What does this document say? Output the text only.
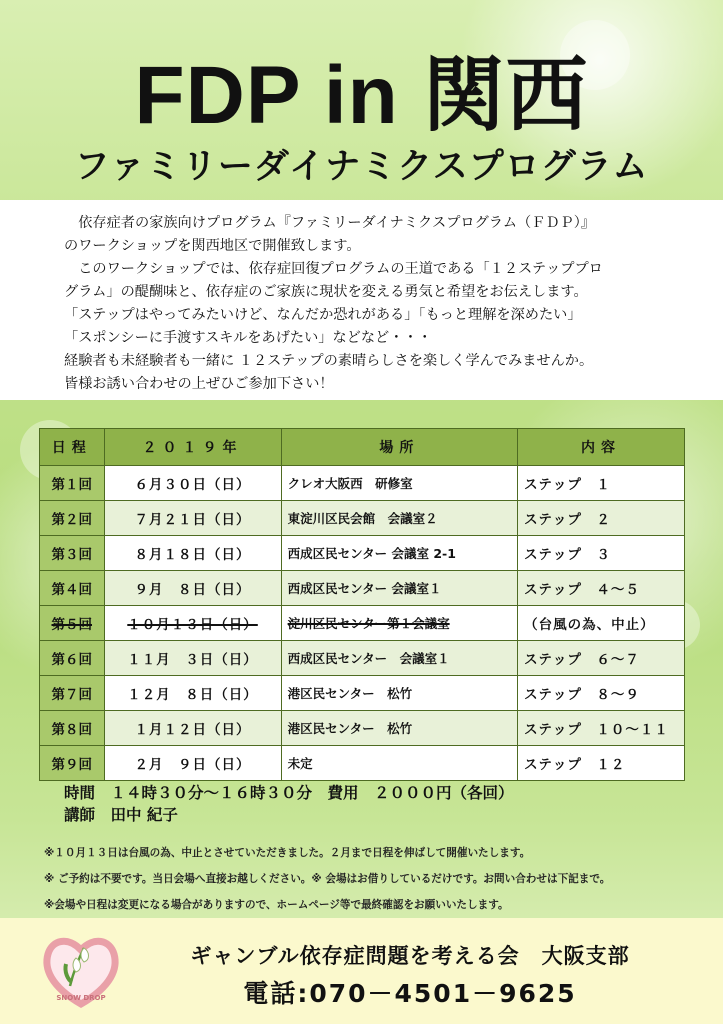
FDP in 関西
ファミリーダイナミクスプログラム

　依存症者の家族向けプログラム『ファミリーダイナミクスプログラム（ＦＤＰ）』

のワークショップを関西地区で開催致します。

　このワークショップでは、依存症回復プログラムの王道である「１２ステッププロ

グラム」の醍醐味と、依存症のご家族に現状を変える勇気と希望をお伝えします。

「ステップはやってみたいけど、なんだか恐れがある」「もっと理解を深めたい」

「スポンシーに手渡すスキルをあげたい」などなど・・・

経験者も未経験者も一緒に １２ステップの素晴らしさを楽しく学んでみませんか。

皆様お誘い合わせの上ぜひご参加下さい！

日程	２０１９年	場所	内容
第１回	６月３０日（日）	クレオ大阪西　研修室	ステップ　１
第２回	７月２１日（日）	東淀川区民会館　会議室２	ステップ　２
第３回	８月１８日（日）	西成区民センター 会議室 2-1	ステップ　３
第４回	９月　８日（日）	西成区民センター 会議室１	ステップ　４～５
第５回	１０月１３日（日）	淀川区民センター第１会議室	（台風の為、中止）
第６回	１１月　３日（日）	西成区民センター　会議室１	ステップ　６～７
第７回	１２月　８日（日）	港区民センター　松竹	ステップ　８～９
第８回	１月１２日（日）	港区民センター　松竹	ステップ　１０～１１
第９回	２月　９日（日）	未定	ステップ　１２
時間　１４時３０分～１６時３０分　費用　２０００円（各回）
講師　田中 紀子
※１０月１３日は台風の為、中止とさせていただきました。２月まで日程を伸ばして開催いたします。
※ ご予約は不要です。当日会場へ直接お越しください。※ 会場はお借りしているだけです。お問い合わせは下記まで。
※会場や日程は変更になる場合がありますので、ホームページ等で最終確認をお願いいたします。
SNOW DROP
ギャンブル依存症問題を考える会　大阪支部
電話:070－4501－9625
